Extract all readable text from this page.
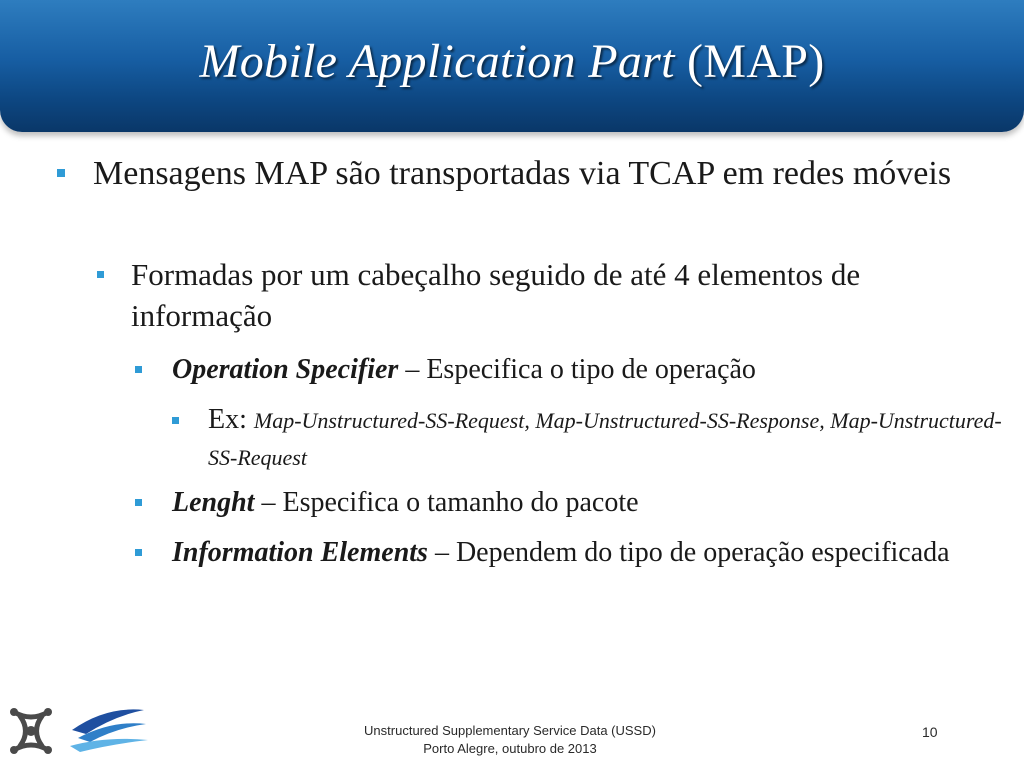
Mobile Application Part (MAP)
Mensagens MAP são transportadas via TCAP em redes móveis
Formadas por um cabeçalho seguido de até 4 elementos de informação
Operation Specifier – Especifica o tipo de operação
Ex: Map-Unstructured-SS-Request, Map-Unstructured-SS-Response, Map-Unstructured-SS-Request
Lenght – Especifica o tamanho do pacote
Information Elements – Dependem do tipo de operação especificada
Unstructured Supplementary Service Data (USSD)
Porto Alegre, outubro de 2013
10
